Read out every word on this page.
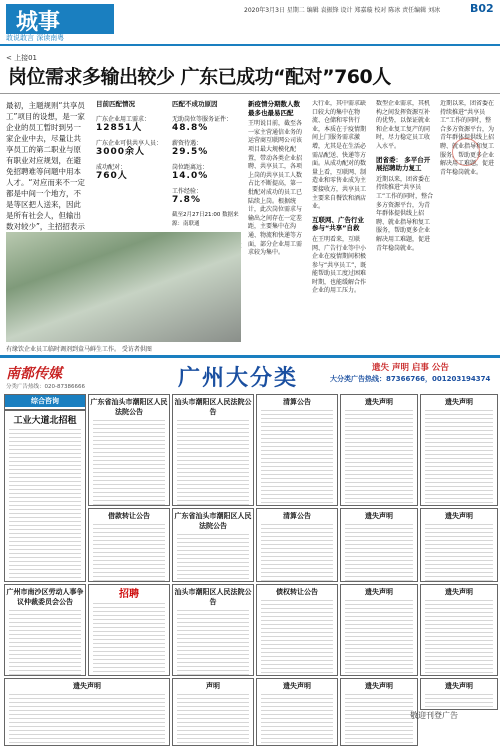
城事
敢说敢言 深读南粤
2020年3月3日 星期二 编辑 袁振锋 设计 郑嘉璇 校对 陈冰 责任编辑 刘冰	B02
< 上接01
岗位需求多输出较少 广东已成功“配对”760人
最初，主题规则“共享员工”项目的设想，是一家企业的员工暂时到另一家企业中去，尽量让共享员工的第二职业与原有职业对应规划，在避免招聘难等问题中用本人才。“对应而来不一定都是中间一个地方，不是等区把人送来，因此是所有社会人，但输出数对较少”，主招招表示
目前匹配情况
广东企业用工需求：
12851人
广东企业可供共享人员：
3000余人
成功配对：
760人
匹配不成功原因
无助岗位等服务证件：
48.8%
薪资待遇：
29.5%
岗位距离远：
14.0%
工作经验：
7.8%
截至2月27日21:00 数据来源：南联通
新疫情分期数人数最多也最易匹配
王明说目前，截至各一家主营通信业务的运营商互联网公司该项目最大规模化配置，带动各类企业招聘、共享员工，各项上岗的共享员工人数占比不断提高，第一批配对成功的员工已陆续上岗。根据统计，此次岗位需求与输出之间存在一定差距，主要集中在沟通、物流和快递等方面，部分企业用工需求较为集中。
大行业，其中需求缺口较大的集中在物流、仓储和零售行业，本质在于疫情期间上门服务需求激增，尤其是在生活必需品配送、快递等方面。从成功配对的数量上看，互联网、制造业和零售业成为主要接收方，共享员工主要来自餐饮和酒店业。
互联网、广告行业 参与“共享”自救
在王明看来，互联网、广告行业等中小企业在疫情期间积极参与“共享员工”，既能帮助员工度过困难时期，也能缓解合作企业的用工压力。
数型企业需求，其机构之间发挥资源互补的优势，以保证就业和企业复工复产的同时，尽力稳定员工收入水平。
团省委： 多平台开展招聘助力复工
近期以来，团省委在持续推进“共享员工”工作的同时，整合多方资源平台，为青年群体提供线上招聘、就业指导和复工服务，帮助更多企业解决用工难题，促进青年稳岗就业。
近期以来，团省委在持续推进“共享员工”工作的同时，整合多方资源平台，为青年群体提供线上招聘、就业指导和复工服务，帮助更多企业解决用工难题，促进青年稳岗就业。
有缘饮企业员工临时调剂到盒马鲜生工作。 受访者供图
南都传媒
分类广告热线：020-87386666	广州大分类	遗失 声明 启事 公告
大分类广告热线：87366766，001203194374
综合咨询
工业大道北招租
广东省汕头市潮阳区人民法院公告
汕头市潮阳区人民法院公告
清算公告	遗失声明	遗失声明
借款转让公告	广东省汕头市潮阳区人民法院公告
清算公告	遗失声明	遗失声明
广州市南沙区劳动人事争议仲裁委员会公告
招聘	汕头市潮阳区人民法院公告
债权转让公告	遗失声明	遗失声明
遗失声明	声明	遗失声明	遗失声明	遗失声明
敬迎刊登广告
